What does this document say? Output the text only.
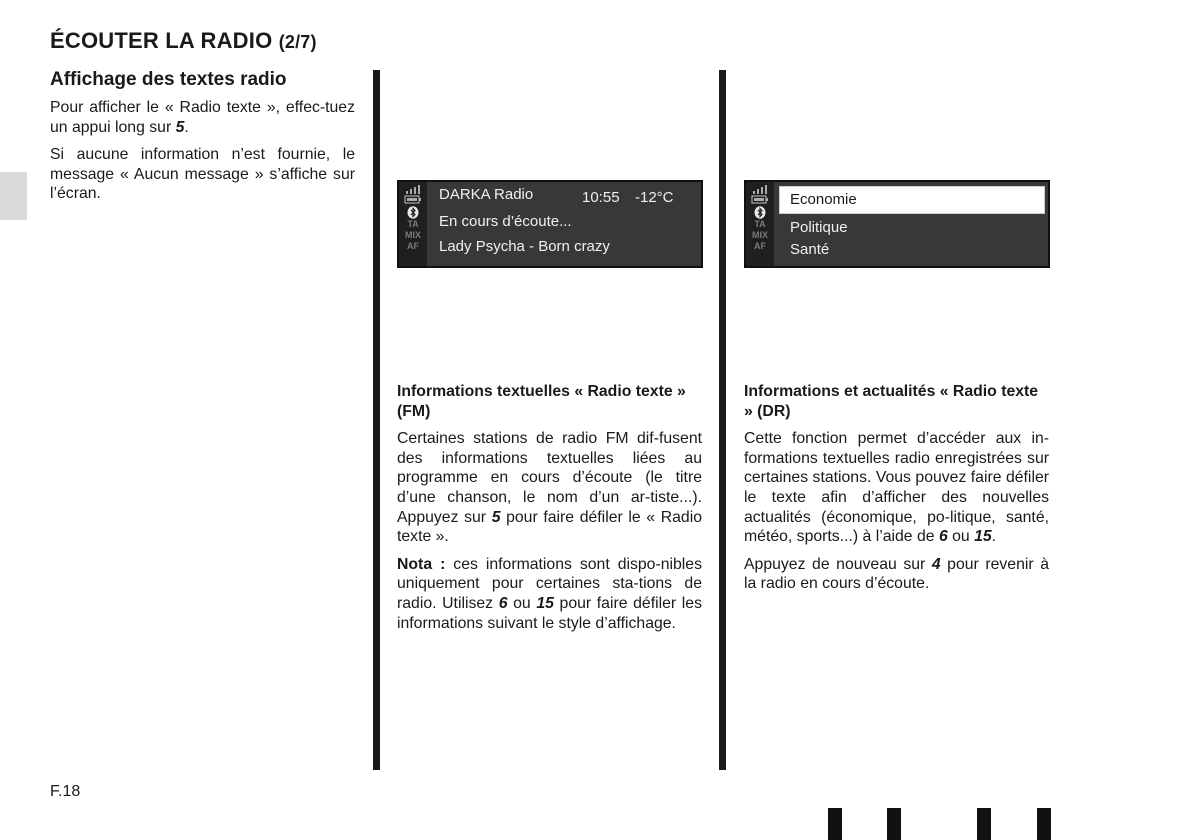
ÉCOUTER LA RADIO (2/7)
Affichage des textes radio

Pour afficher le « Radio texte », effec-tuez un appui long sur 5.

Si aucune information n’est fournie, le message « Aucun message » s’affiche sur l’écran.

TA
MIX
AF
DARKA Radio	10:55 -12°C
En cours d’écoute...
Lady Psycha - Born crazy
TA
MIX
AF
Economie
Politique
Santé
Informations textuelles « Radio texte » (FM)

Certaines stations de radio FM dif-fusent des informations textuelles liées au programme en cours d’écoute (le titre d’une chanson, le nom d’un ar-tiste...). Appuyez sur 5 pour faire défiler le « Radio texte ».

Nota : ces informations sont dispo-nibles uniquement pour certaines sta-tions de radio. Utilisez 6 ou 15 pour faire défiler les informations suivant le style d’affichage.

Informations et actualités « Radio texte » (DR)

Cette fonction permet d’accéder aux in-formations textuelles radio enregistrées sur certaines stations. Vous pouvez faire défiler le texte afin d’afficher des nouvelles actualités (économique, po-litique, santé, météo, sports...) à l’aide de 6 ou 15.

Appuyez de nouveau sur 4 pour revenir à la radio en cours d’écoute.

F.18
